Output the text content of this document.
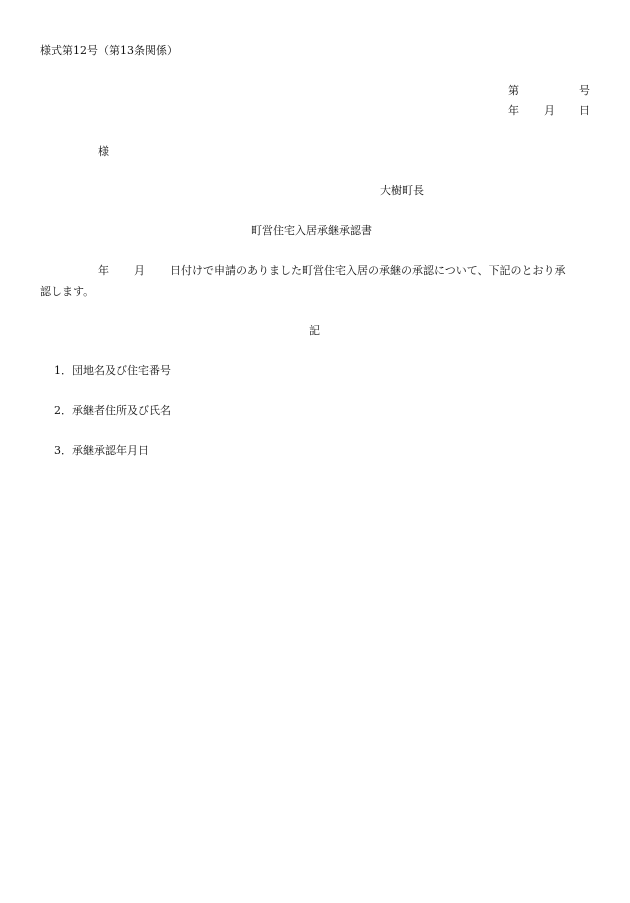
様式第12号（第13条関係）
第	号
年 月 日
様
大樹町長
町営住宅入居承継承認書
年 月 日付けで申請のありました町営住宅入居の承継の承認について、下記のとおり承
認します。
記
1．団地名及び住宅番号
2．承継者住所及び氏名
3．承継承認年月日
